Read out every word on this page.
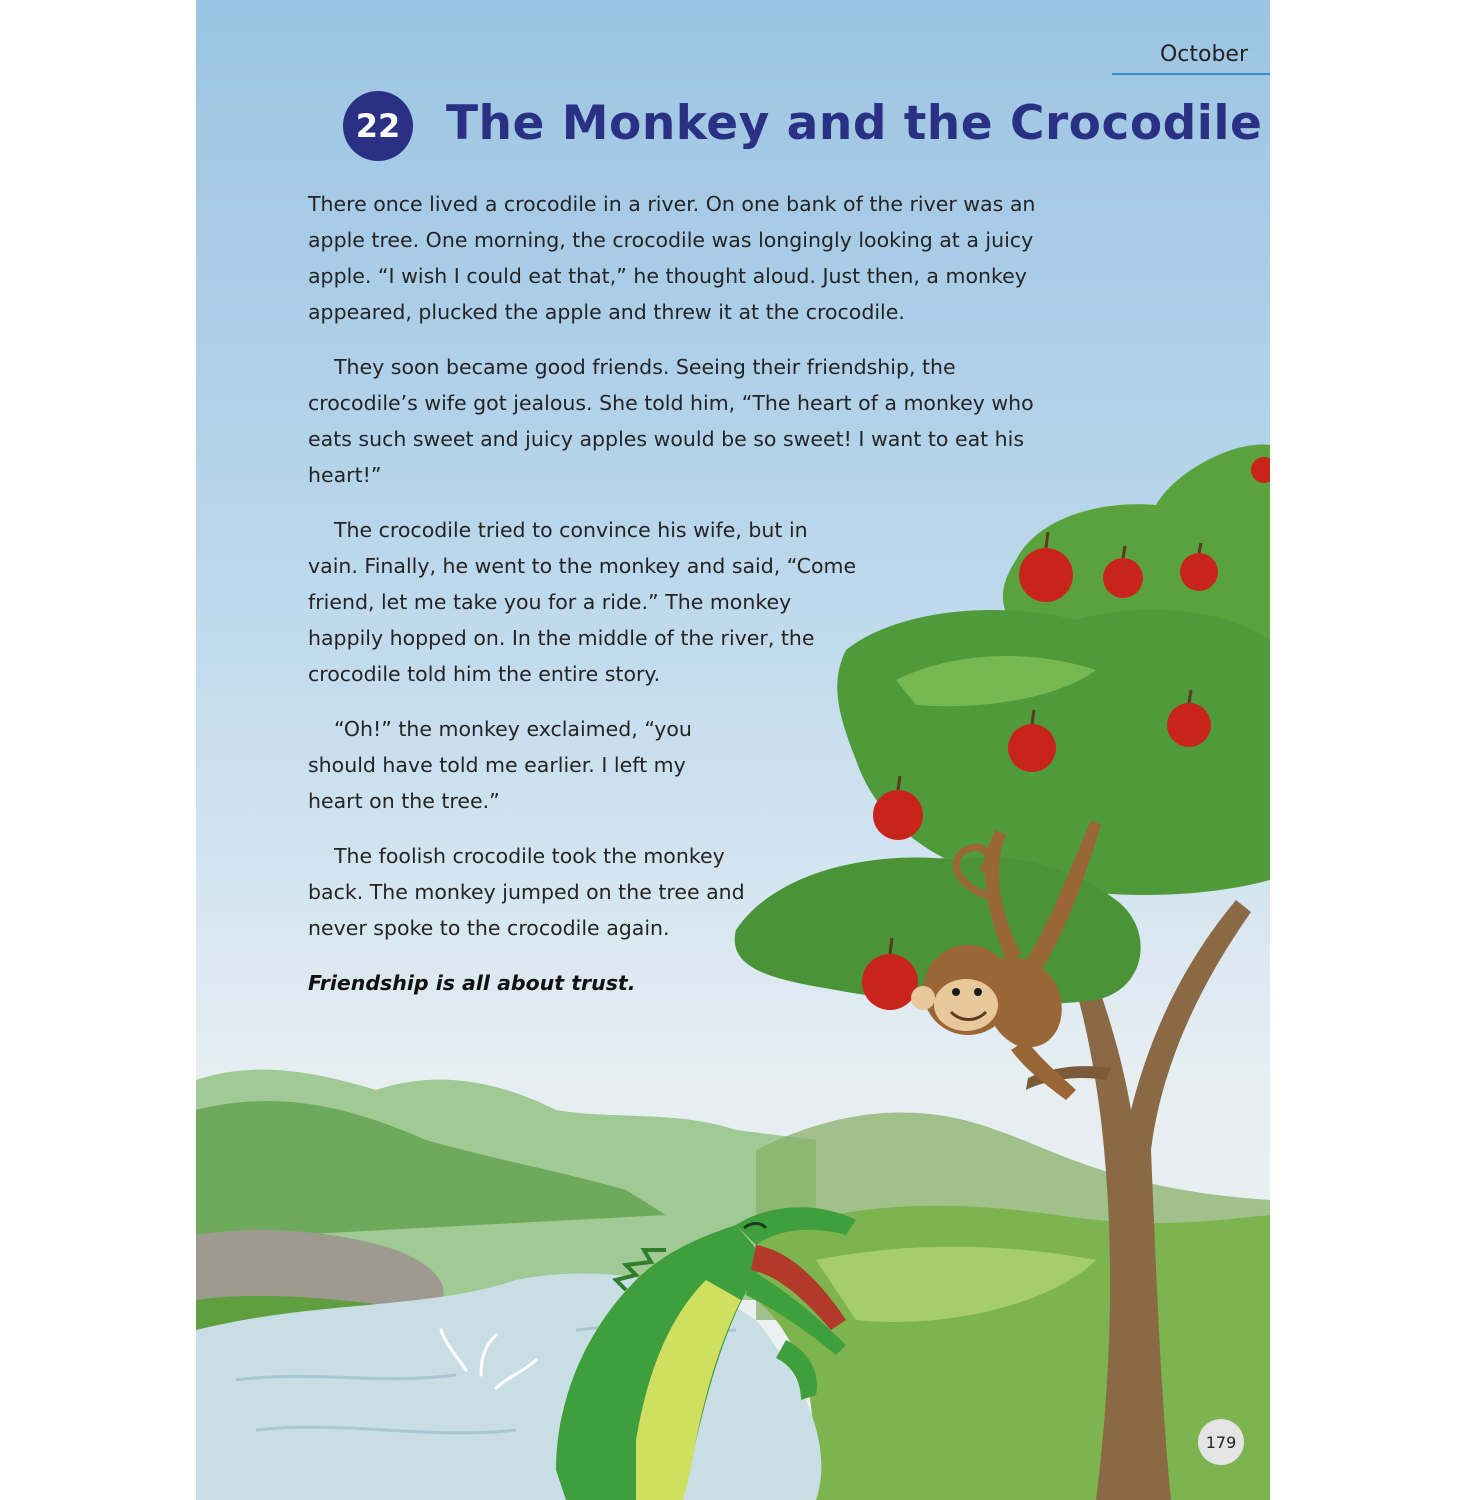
October
22 The Monkey and the Crocodile

There once lived a crocodile in a river. On one bank of the river was an apple tree. One morning, the crocodile was longingly looking at a juicy apple. “I wish I could eat that,” he thought aloud. Just then, a monkey appeared, plucked the apple and threw it at the crocodile.

They soon became good friends. Seeing their friendship, the crocodile’s wife got jealous. She told him, “The heart of a monkey who eats such sweet and juicy apples would be so sweet! I want to eat his heart!”

The crocodile tried to convince his wife, but in vain. Finally, he went to the monkey and said, “Come friend, let me take you for a ride.” The monkey happily hopped on. In the middle of the river, the crocodile told him the entire story.

“Oh!” the monkey exclaimed, “you should have told me earlier. I left my heart on the tree.”

The foolish crocodile took the monkey back. The monkey jumped on the tree and never spoke to the crocodile again.

Friendship is all about trust.

179
